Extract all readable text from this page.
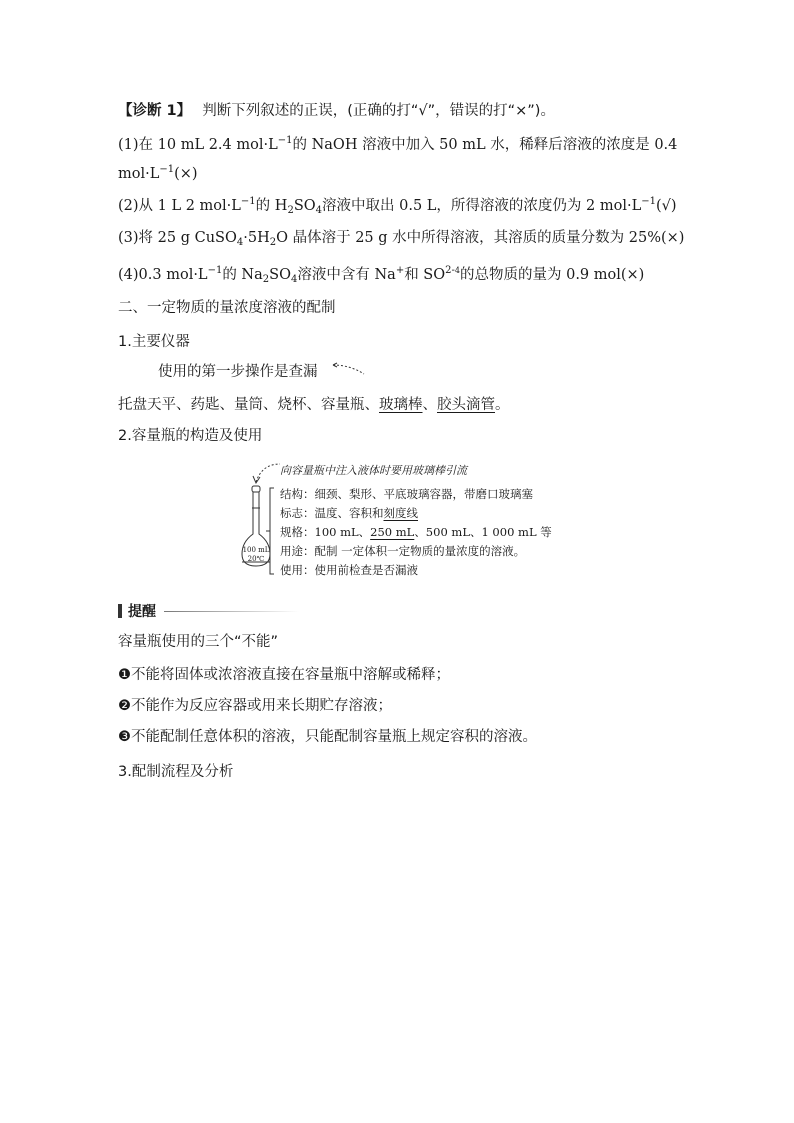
【诊断 1】 判断下列叙述的正误，(正确的打“√”，错误的打“×”)。
(1)在 10 mL 2.4 $mol\cdot L^{-1}$的 NaOH 溶液中加入 50 mL 水，稀释后溶液的浓度是 0.4
$mol\cdot L^{-1}(\times)$
(2)从 1 L 2 $mol\cdot L^{-1}$的 $H_2SO_4$溶液中取出 0.5 L，所得溶液的浓度仍为 2 $mol\cdot L^{-1}(√)$
(3)将 25 g $CuSO_4\cdot 5H_2O$ 晶体溶于 25 g 水中所得溶液，其溶质的质量分数为 25%(×)
(4)0.3 $mol\cdot L^{-1}$的 $Na_2SO_4$溶液中含有 Na+和 SO$^{2-4}$的总物质的量为 0.9 mol(×)
二、一定物质的量浓度溶液的配制
1.主要仪器
使用的第一步操作是查漏
托盘天平、药匙、量筒、烧杯、容量瓶、玻璃棒、胶头滴管。
2.容量瓶的构造及使用
100 mL
20℃
向容量瓶中注入液体时要用玻璃棒引流
结构：细颈、梨形、平底玻璃容器，带磨口玻璃塞
标志：温度、容积和刻度线
规格：100 mL、250 mL、500 mL、1 000 mL 等
用途：配制 一定体积一定物质的量浓度的溶液。
使用：使用前检查是否漏液
提醒
容量瓶使用的三个“不能”
❶不能将固体或浓溶液直接在容量瓶中溶解或稀释；
❷不能作为反应容器或用来长期贮存溶液；
❸不能配制任意体积的溶液，只能配制容量瓶上规定容积的溶液。
3.配制流程及分析
